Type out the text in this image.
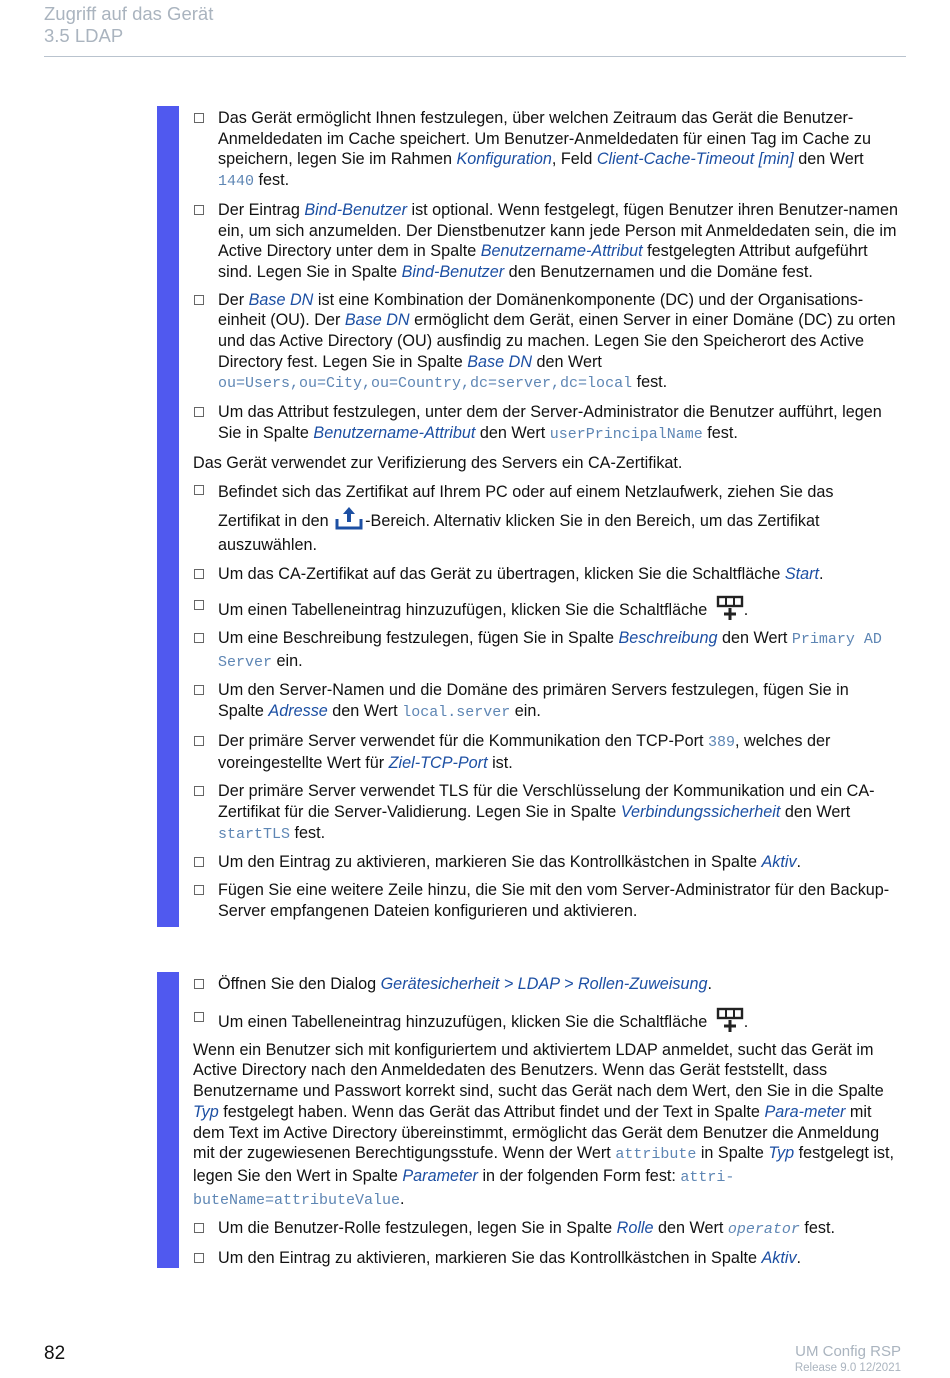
Zugriff auf das Gerät
3.5 LDAP
Das Gerät ermöglicht Ihnen festzulegen, über welchen Zeitraum das Gerät die Benutzer-Anmeldedaten im Cache speichert. Um Benutzer-Anmeldedaten für einen Tag im Cache zu speichern, legen Sie im Rahmen Konfiguration, Feld Client-Cache-Timeout [min] den Wert 1440 fest.
Der Eintrag Bind-Benutzer ist optional. Wenn festgelegt, fügen Benutzer ihren Benutzer-namen ein, um sich anzumelden. Der Dienstbenutzer kann jede Person mit Anmeldedaten sein, die im Active Directory unter dem in Spalte Benutzername-Attribut festgelegten Attribut aufgeführt sind. Legen Sie in Spalte Bind-Benutzer den Benutzernamen und die Domäne fest.
Der Base DN ist eine Kombination der Domänenkomponente (DC) und der Organisations-einheit (OU). Der Base DN ermöglicht dem Gerät, einen Server in einer Domäne (DC) zu orten und das Active Directory (OU) ausfindig zu machen. Legen Sie den Speicherort des Active Directory fest. Legen Sie in Spalte Base DN den Wert ou=Users,ou=City,ou=Country,dc=server,dc=local fest.
Um das Attribut festzulegen, unter dem der Server-Administrator die Benutzer aufführt, legen Sie in Spalte Benutzername-Attribut den Wert userPrincipalName fest.
Das Gerät verwendet zur Verifizierung des Servers ein CA-Zertifikat.
Befindet sich das Zertifikat auf Ihrem PC oder auf einem Netzlaufwerk, ziehen Sie das Zertifikat in den -Bereich. Alternativ klicken Sie in den Bereich, um das Zertifikat auszuwählen.
Um das CA-Zertifikat auf das Gerät zu übertragen, klicken Sie die Schaltfläche Start.
Um einen Tabelleneintrag hinzuzufügen, klicken Sie die Schaltfläche .
Um eine Beschreibung festzulegen, fügen Sie in Spalte Beschreibung den Wert Primary AD Server ein.
Um den Server-Namen und die Domäne des primären Servers festzulegen, fügen Sie in Spalte Adresse den Wert local.server ein.
Der primäre Server verwendet für die Kommunikation den TCP-Port 389, welches der voreingestellte Wert für Ziel-TCP-Port ist.
Der primäre Server verwendet TLS für die Verschlüsselung der Kommunikation und ein CA-Zertifikat für die Server-Validierung. Legen Sie in Spalte Verbindungssicherheit den Wert startTLS fest.
Um den Eintrag zu aktivieren, markieren Sie das Kontrollkästchen in Spalte Aktiv.
Fügen Sie eine weitere Zeile hinzu, die Sie mit den vom Server-Administrator für den Backup-Server empfangenen Dateien konfigurieren und aktivieren.
Öffnen Sie den Dialog Gerätesicherheit > LDAP > Rollen-Zuweisung.
Um einen Tabelleneintrag hinzuzufügen, klicken Sie die Schaltfläche .
Wenn ein Benutzer sich mit konfiguriertem und aktiviertem LDAP anmeldet, sucht das Gerät im Active Directory nach den Anmeldedaten des Benutzers. Wenn das Gerät feststellt, dass Benutzername und Passwort korrekt sind, sucht das Gerät nach dem Wert, den Sie in die Spalte Typ festgelegt haben. Wenn das Gerät das Attribut findet und der Text in Spalte Para-meter mit dem Text im Active Directory übereinstimmt, ermöglicht das Gerät dem Benutzer die Anmeldung mit der zugewiesenen Berechtigungsstufe. Wenn der Wert attribute in Spalte Typ festgelegt ist, legen Sie den Wert in Spalte Parameter in der folgenden Form fest: attri-buteName=attributeValue.
Um die Benutzer-Rolle festzulegen, legen Sie in Spalte Rolle den Wert operator fest.
Um den Eintrag zu aktivieren, markieren Sie das Kontrollkästchen in Spalte Aktiv.
82	UM Config RSP
Release 9.0 12/2021
